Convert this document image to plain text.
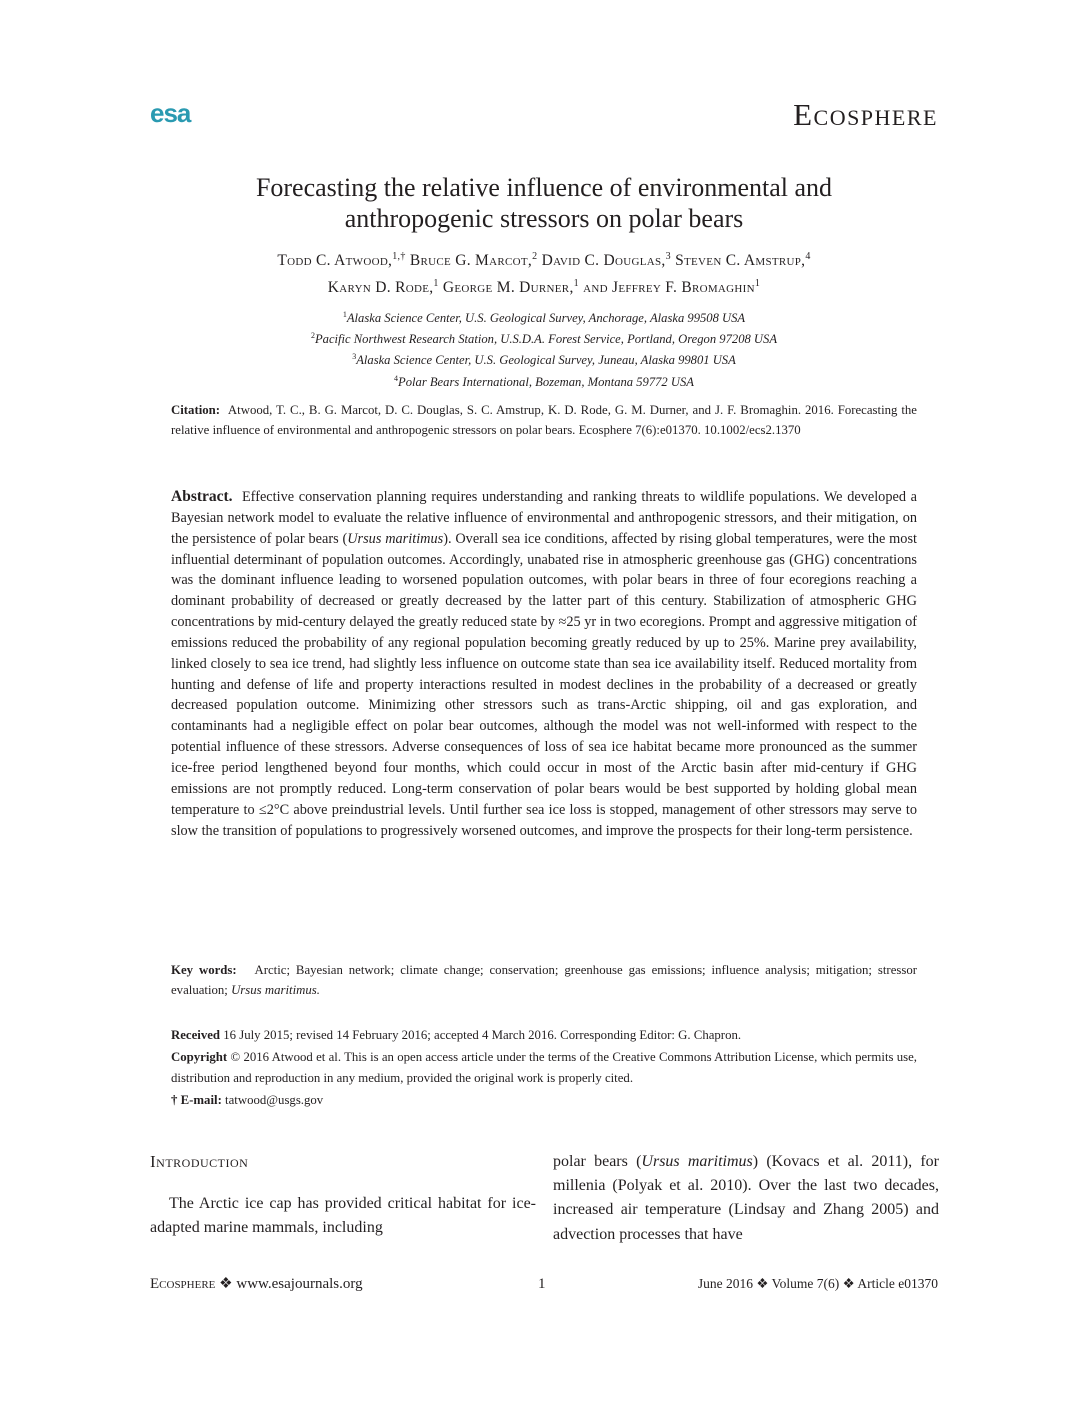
esa	Ecosphere
Forecasting the relative influence of environmental and
anthropogenic stressors on polar bears
Todd C. Atwood,$^{1,\dagger}$ Bruce G. Marcot,$^2$ David C. Douglas,$^3$ Steven C. Amstrup,$^4$
Karyn D. Rode,$^1$ George M. Durner,$^1$ and Jeffrey F. Bromaghin$^1$
$^1$Alaska Science Center, U.S. Geological Survey, Anchorage, Alaska 99508 USA
$^2$Pacific Northwest Research Station, U.S.D.A. Forest Service, Portland, Oregon 97208 USA
$^3$Alaska Science Center, U.S. Geological Survey, Juneau, Alaska 99801 USA
$^4$Polar Bears International, Bozeman, Montana 59772 USA
Citation: Atwood, T. C., B. G. Marcot, D. C. Douglas, S. C. Amstrup, K. D. Rode, G. M. Durner, and J. F. Bromaghin. 2016. Forecasting the relative influence of environmental and anthropogenic stressors on polar bears. Ecosphere 7(6):e01370. 10.1002/ecs2.1370
Abstract. Effective conservation planning requires understanding and ranking threats to wildlife populations. We developed a Bayesian network model to evaluate the relative influence of environmental and anthropogenic stressors, and their mitigation, on the persistence of polar bears (Ursus maritimus). Overall sea ice conditions, affected by rising global temperatures, were the most influential determinant of population outcomes. Accordingly, unabated rise in atmospheric greenhouse gas (GHG) concentrations was the dominant influence leading to worsened population outcomes, with polar bears in three of four ecoregions reaching a dominant probability of decreased or greatly decreased by the latter part of this century. Stabilization of atmospheric GHG concentrations by mid-century delayed the greatly reduced state by ≈25 yr in two ecoregions. Prompt and aggressive mitigation of emissions reduced the probability of any regional population becoming greatly reduced by up to 25%. Marine prey availability, linked closely to sea ice trend, had slightly less influence on outcome state than sea ice availability itself. Reduced mortality from hunting and defense of life and property interactions resulted in modest declines in the probability of a decreased or greatly decreased population outcome. Minimizing other stressors such as trans-Arctic shipping, oil and gas exploration, and contaminants had a negligible effect on polar bear outcomes, although the model was not well-informed with respect to the potential influence of these stressors. Adverse consequences of loss of sea ice habitat became more pronounced as the summer ice-free period lengthened beyond four months, which could occur in most of the Arctic basin after mid-century if GHG emissions are not promptly reduced. Long-term conservation of polar bears would be best supported by holding global mean temperature to ≤2°C above preindustrial levels. Until further sea ice loss is stopped, management of other stressors may serve to slow the transition of populations to progressively worsened outcomes, and improve the prospects for their long-term persistence.
Key words: Arctic; Bayesian network; climate change; conservation; greenhouse gas emissions; influence analysis; mitigation; stressor evaluation; Ursus maritimus.
Received 16 July 2015; revised 14 February 2016; accepted 4 March 2016. Corresponding Editor: G. Chapron.
Copyright © 2016 Atwood et al. This is an open access article under the terms of the Creative Commons Attribution License, which permits use, distribution and reproduction in any medium, provided the original work is properly cited.
† E-mail: tatwood@usgs.gov
Introduction
The Arctic ice cap has provided critical habitat for ice-adapted marine mammals, including
polar bears (Ursus maritimus) (Kovacs et al. 2011), for millenia (Polyak et al. 2010). Over the last two decades, increased air temperature (Lindsay and Zhang 2005) and advection processes that have
Ecosphere ❖ www.esajournals.org	1	June 2016 ❖ Volume 7(6) ❖ Article e01370
